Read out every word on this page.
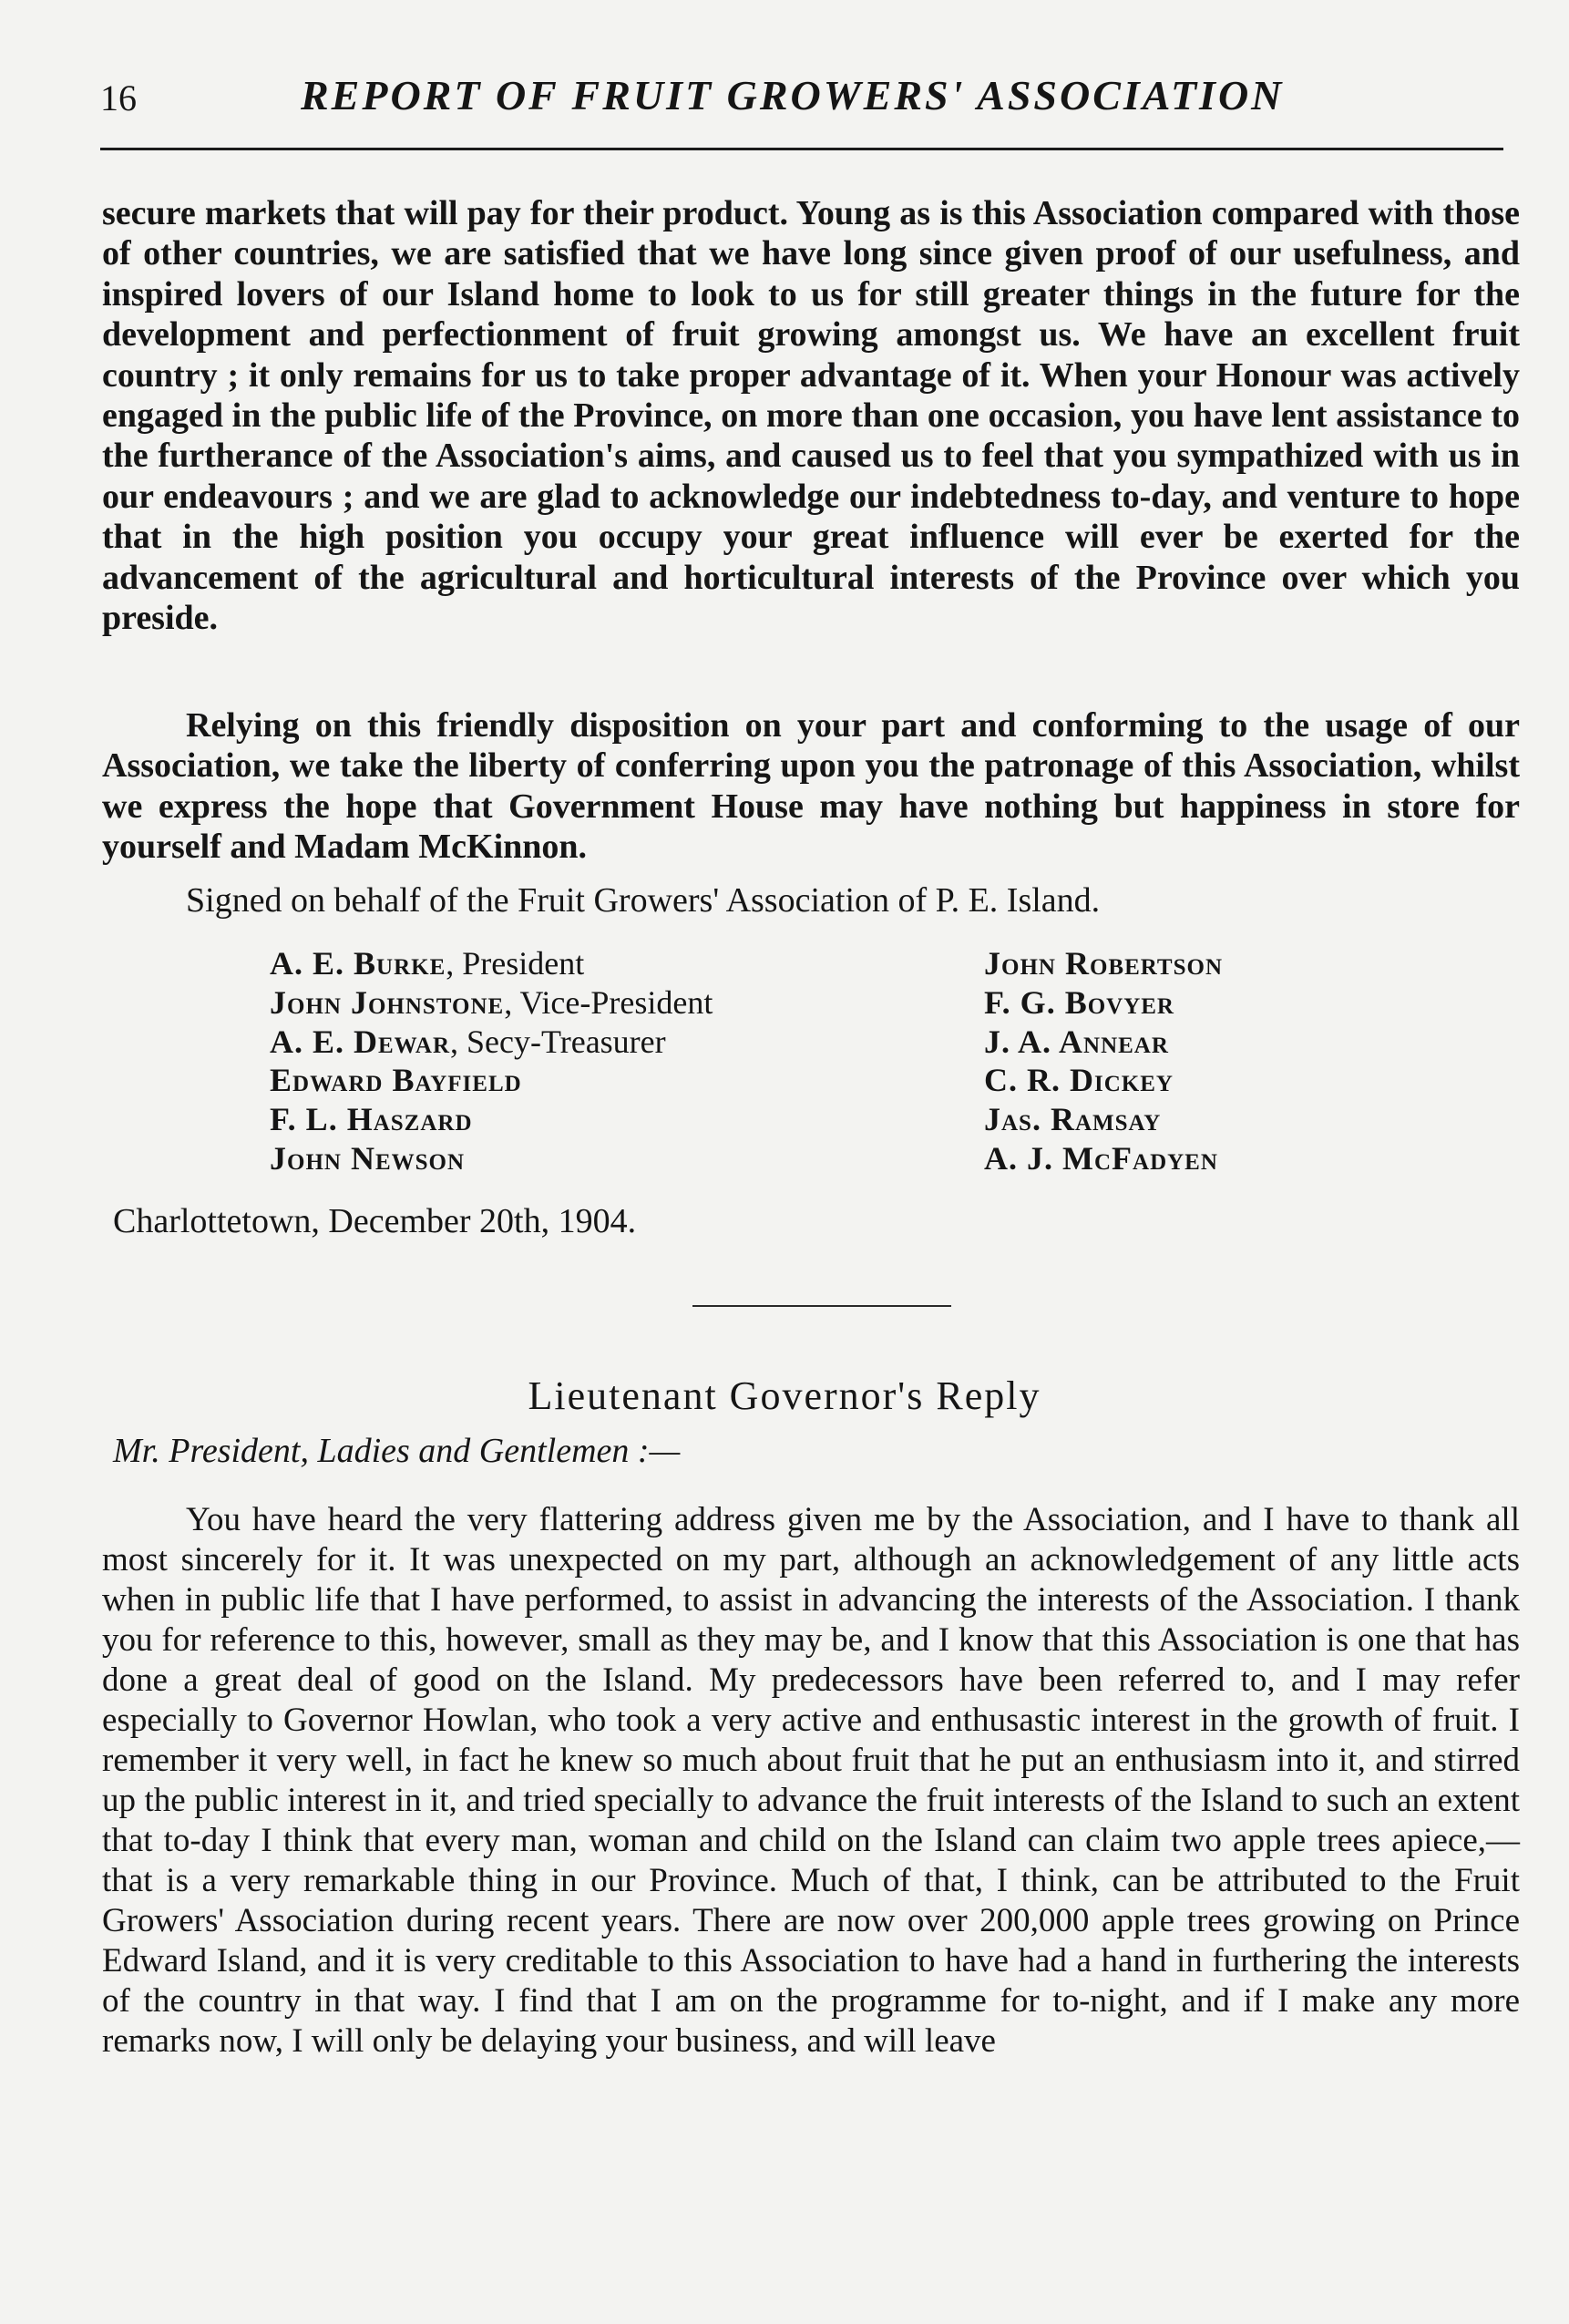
16	REPORT OF FRUIT GROWERS' ASSOCIATION

secure markets that will pay for their product. Young as is this Association compared with those of other countries, we are satisfied that we have long since given proof of our usefulness, and inspired lovers of our Island home to look to us for still greater things in the future for the development and perfectionment of fruit growing amongst us. We have an excellent fruit country ; it only remains for us to take proper advantage of it. When your Honour was actively engaged in the public life of the Province, on more than one occasion, you have lent assistance to the furtherance of the Association's aims, and caused us to feel that you sympathized with us in our endeavours ; and we are glad to acknowledge our indebtedness to-day, and venture to hope that in the high position you occupy your great influence will ever be exerted for the advancement of the agricultural and horticultural interests of the Province over which you preside.

Relying on this friendly disposition on your part and conforming to the usage of our Association, we take the liberty of conferring upon you the patronage of this Association, whilst we express the hope that Government House may have nothing but happiness in store for yourself and Madam McKinnon.

Signed on behalf of the Fruit Growers' Association of P. E. Island.
A. E. Burke, President
John Johnstone, Vice-President
A. E. Dewar, Secy-Treasurer
Edward Bayfield
F. L. Haszard
John Newson
John Robertson
F. G. Bovyer
J. A. Annear
C. R. Dickey
Jas. Ramsay
A. J. McFadyen
Charlottetown, December 20th, 1904.
Lieutenant Governor's Reply
Mr. President, Ladies and Gentlemen :—

You have heard the very flattering address given me by the Association, and I have to thank all most sincerely for it. It was unexpected on my part, although an acknowledgement of any little acts when in public life that I have performed, to assist in advancing the interests of the Association. I thank you for reference to this, however, small as they may be, and I know that this Association is one that has done a great deal of good on the Island. My predecessors have been referred to, and I may refer especially to Governor Howlan, who took a very active and enthusastic interest in the growth of fruit. I remember it very well, in fact he knew so much about fruit that he put an enthusiasm into it, and stirred up the public interest in it, and tried specially to advance the fruit interests of the Island to such an extent that to-day I think that every man, woman and child on the Island can claim two apple trees apiece,—that is a very remarkable thing in our Province. Much of that, I think, can be attributed to the Fruit Growers' Association during recent years. There are now over 200,000 apple trees growing on Prince Edward Island, and it is very creditable to this Association to have had a hand in furthering the interests of the country in that way. I find that I am on the programme for to-night, and if I make any more remarks now, I will only be delaying your business, and will leave
